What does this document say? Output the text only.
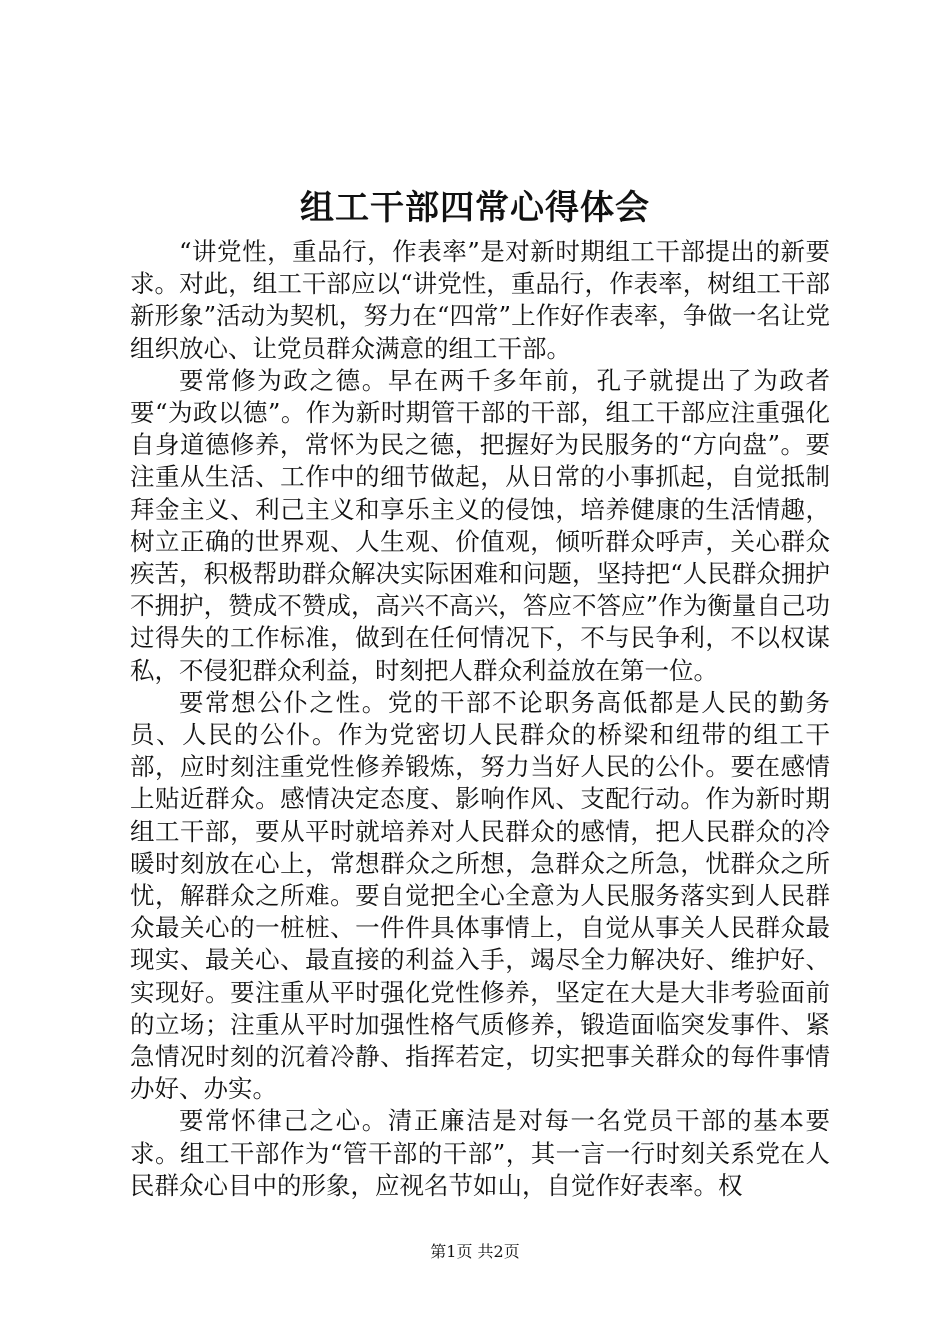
组工干部四常心得体会

“讲党性，重品行，作表率”是对新时期组工干部提出的新要求。对此，组工干部应以“讲党性，重品行，作表率，树组工干部新形象”活动为契机，努力在“四常”上作好作表率，争做一名让党组织放心、让党员群众满意的组工干部。

要常修为政之德。早在两千多年前，孔子就提出了为政者要“为政以德”。作为新时期管干部的干部，组工干部应注重强化自身道德修养，常怀为民之德，把握好为民服务的“方向盘”。要注重从生活、工作中的细节做起，从日常的小事抓起，自觉抵制拜金主义、利己主义和享乐主义的侵蚀，培养健康的生活情趣，树立正确的世界观、人生观、价值观，倾听群众呼声，关心群众疾苦，积极帮助群众解决实际困难和问题，坚持把“人民群众拥护不拥护，赞成不赞成，高兴不高兴，答应不答应”作为衡量自己功过得失的工作标准，做到在任何情况下，不与民争利，不以权谋私，不侵犯群众利益，时刻把人群众利益放在第一位。

要常想公仆之性。党的干部不论职务高低都是人民的勤务员、人民的公仆。作为党密切人民群众的桥梁和纽带的组工干部，应时刻注重党性修养锻炼，努力当好人民的公仆。要在感情上贴近群众。感情决定态度、影响作风、支配行动。作为新时期组工干部，要从平时就培养对人民群众的感情，把人民群众的冷暖时刻放在心上，常想群众之所想，急群众之所急，忧群众之所忧，解群众之所难。要自觉把全心全意为人民服务落实到人民群众最关心的一桩桩、一件件具体事情上，自觉从事关人民群众最现实、最关心、最直接的利益入手，竭尽全力解决好、维护好、实现好。要注重从平时强化党性修养，坚定在大是大非考验面前的立场；注重从平时加强性格气质修养，锻造面临突发事件、紧急情况时刻的沉着冷静、指挥若定，切实把事关群众的每件事情办好、办实。

要常怀律己之心。清正廉洁是对每一名党员干部的基本要求。组工干部作为“管干部的干部”，其一言一行时刻关系党在人民群众心目中的形象，应视名节如山，自觉作好表率。权

第1页 共2页
